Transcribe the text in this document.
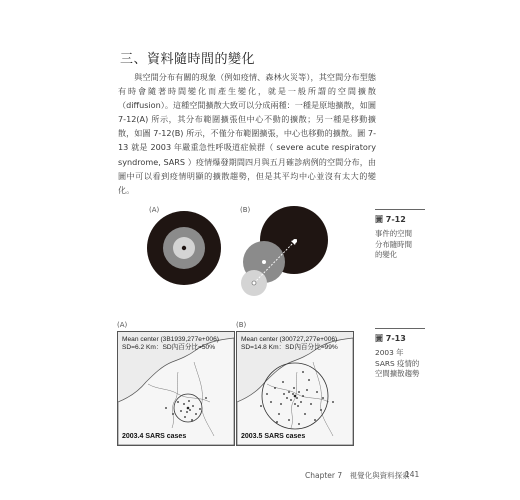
三、資料隨時間的變化

與空間分布有關的現象（例如疫情、森林火災等），其空間分布型態有時會隨著時間變化而產生變化，就是一般所謂的空間擴散（diffusion）。這種空間擴散大致可以分成兩種：一種是原地擴散，如圖 7-12(A) 所示，其分布範圍擴張但中心不動的擴散；另一種是移動擴散，如圖 7-12(B) 所示，不僅分布範圍擴張，中心也移動的擴散。圖 7-13 就是 2003 年嚴重急性呼吸道症候群（ severe acute respiratory syndrome, SARS ）疫情爆發期間四月與五月確診病例的空間分布，由圖中可以看到疫情明顯的擴散趨勢，但是其平均中心並沒有太大的變化。

(A)	(B)
圖 7-12
事件的空間分布隨時間的變化
(A)	(B)
Mean center (3B1939,277e+006)
SD=6.2 Km：SD內百分比=50%
2003.4 SARS cases
Mean center (300727,277e+006)
SD=14.8 Km：SD內百分比=99%
2003.5 SARS cases
圖 7-13
2003 年 SARS 疫情的空間擴散趨勢
Chapter 7　視覺化與資料探索
141
